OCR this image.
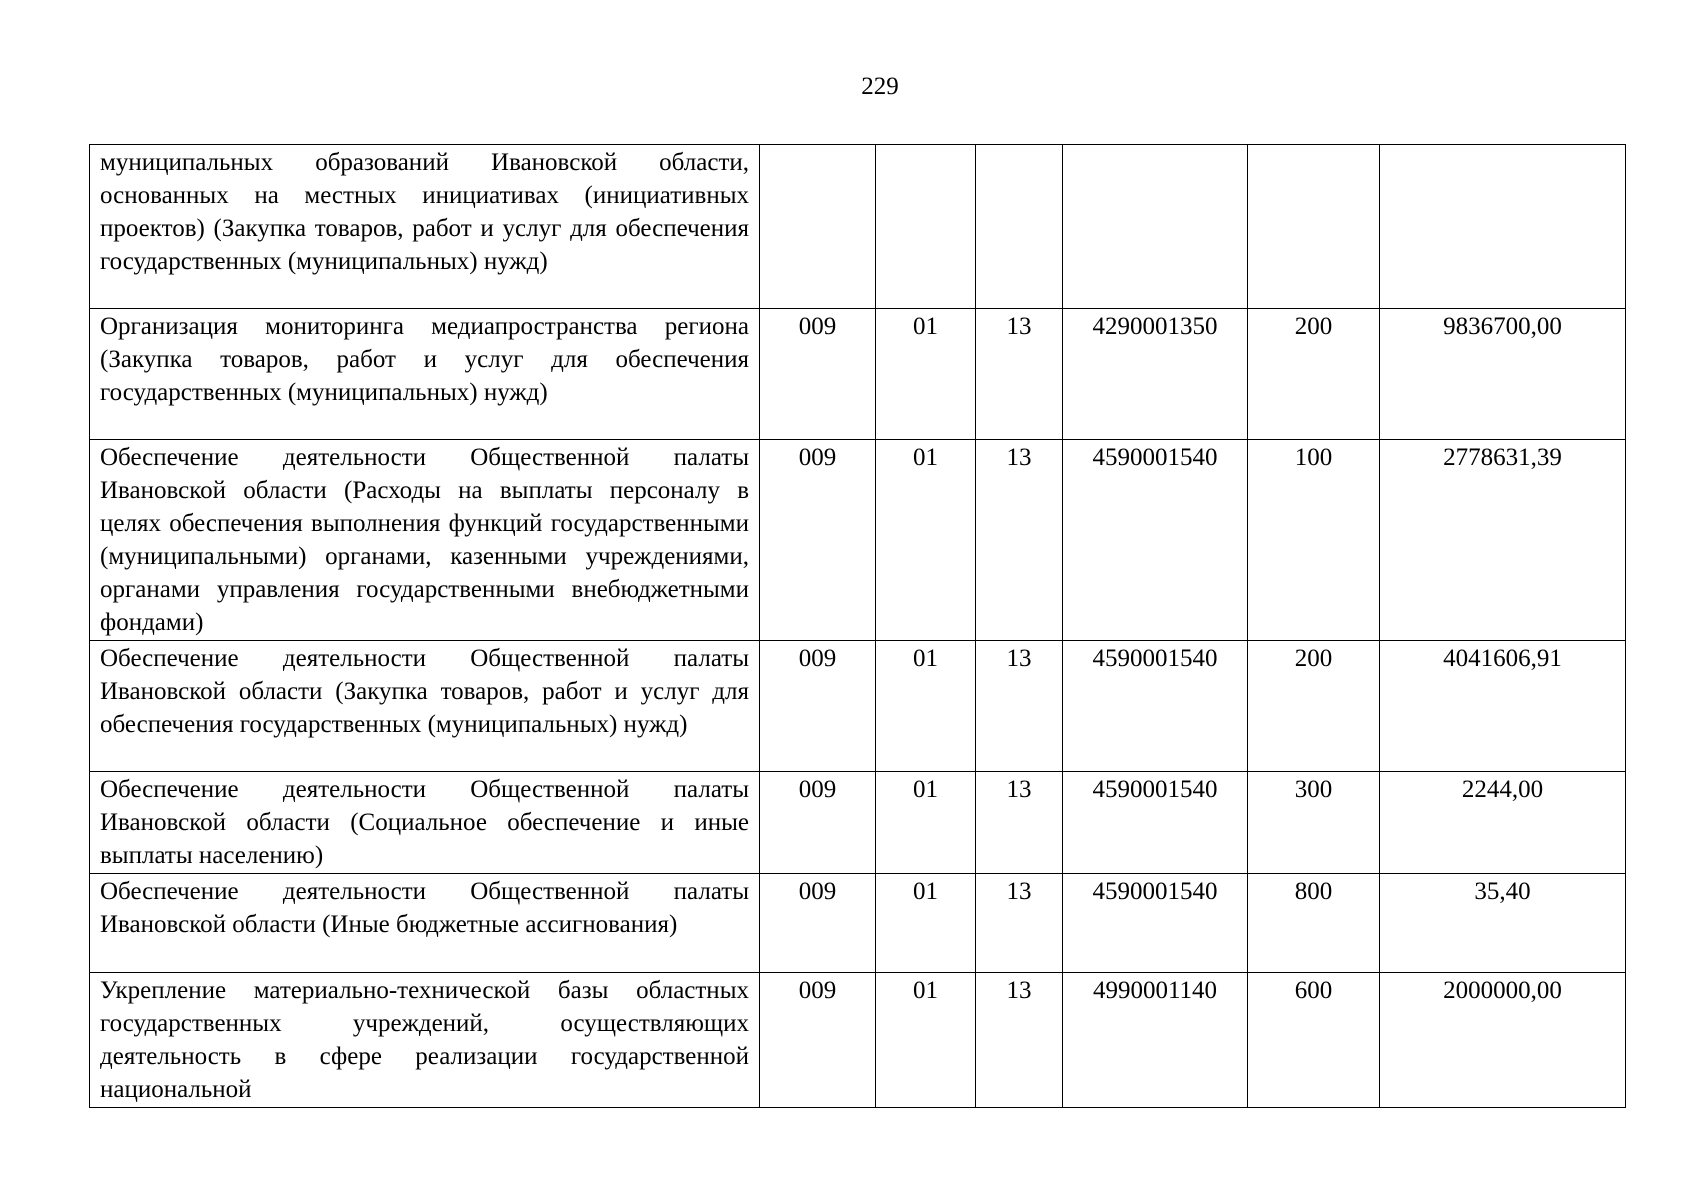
229
муниципальных образований Ивановской области, основанных на местных инициативах (инициативных проектов) (Закупка товаров, работ и услуг для обеспечения государственных (муниципальных) нужд)						
Организация мониторинга медиапространства региона (Закупка товаров, работ и услуг для обеспечения государственных (муниципальных) нужд)	009	01	13	4290001350	200	9836700,00
Обеспечение деятельности Общественной палаты Ивановской области (Расходы на выплаты персоналу в целях обеспечения выполнения функций государственными (муниципальными) органами, казенными учреждениями, органами управления государственными внебюджетными фондами)	009	01	13	4590001540	100	2778631,39
Обеспечение деятельности Общественной палаты Ивановской области (Закупка товаров, работ и услуг для обеспечения государственных (муниципальных) нужд)	009	01	13	4590001540	200	4041606,91
Обеспечение деятельности Общественной палаты Ивановской области (Социальное обеспечение и иные выплаты населению)	009	01	13	4590001540	300	2244,00
Обеспечение деятельности Общественной палаты Ивановской области (Иные бюджетные ассигнования)	009	01	13	4590001540	800	35,40
Укрепление материально-технической базы областных государственных учреждений, осуществляющих деятельность в сфере реализации государственной национальной	009	01	13	4990001140	600	2000000,00
